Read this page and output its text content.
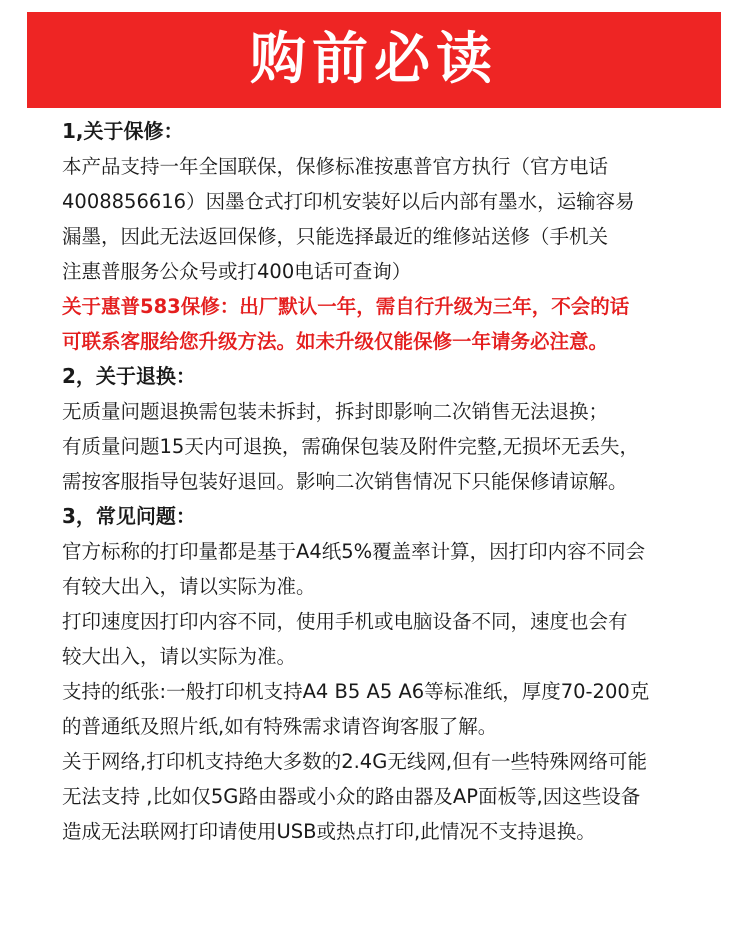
购前必读
1,关于保修：
本产品支持一年全国联保，保修标准按惠普官方执行（官方电话
4008856616）因墨仓式打印机安装好以后内部有墨水，运输容易
漏墨，因此无法返回保修，只能选择最近的维修站送修（手机关
注惠普服务公众号或打400电话可查询）
关于惠普583保修：出厂默认一年，需自行升级为三年，不会的话
可联系客服给您升级方法。如未升级仅能保修一年请务必注意。
2，关于退换：
无质量问题退换需包装未拆封，拆封即影响二次销售无法退换；
有质量问题15天内可退换，需确保包装及附件完整,无损坏无丢失，
需按客服指导包装好退回。影响二次销售情况下只能保修请谅解。
3，常见问题：
官方标称的打印量都是基于A4纸5%覆盖率计算，因打印内容不同会
有较大出入，请以实际为准。
打印速度因打印内容不同，使用手机或电脑设备不同，速度也会有
较大出入，请以实际为准。
支持的纸张:一般打印机支持A4 B5 A5 A6等标准纸，厚度70-200克
的普通纸及照片纸,如有特殊需求请咨询客服了解。
关于网络,打印机支持绝大多数的2.4G无线网,但有一些特殊网络可能
无法支持 ,比如仅5G路由器或小众的路由器及AP面板等,因这些设备
造成无法联网打印请使用USB或热点打印,此情况不支持退换。
